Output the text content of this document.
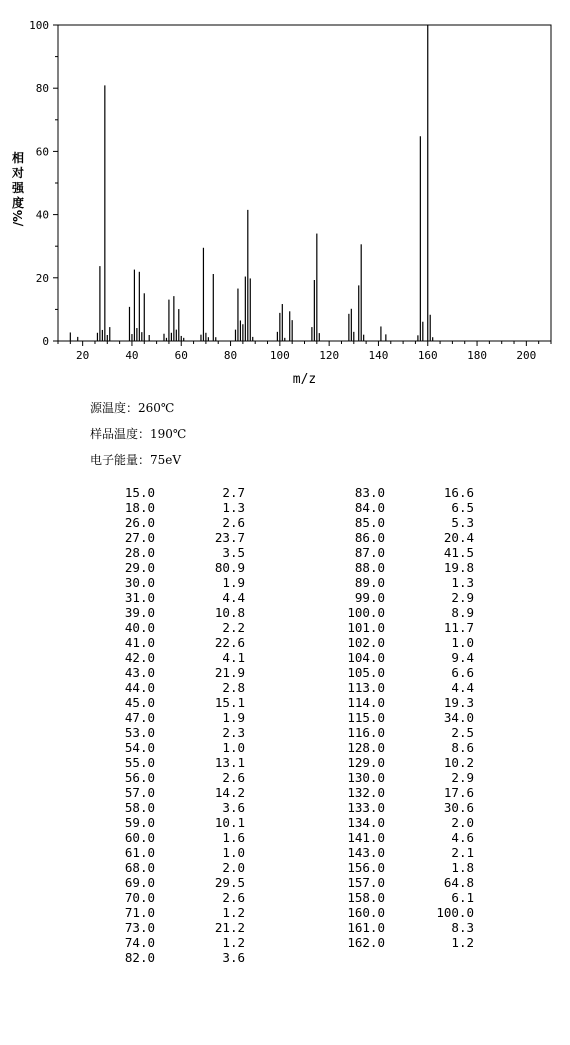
0
20
40
60
80
100
20	40	60	80	100	120	140	160	180	200
m/z
相
对
强
度
/%
源温度：260℃
样品温度：190℃
电子能量：75eV
15.0	2.7
18.0	1.3
26.0	2.6
27.0	23.7
28.0	3.5
29.0	80.9
30.0	1.9
31.0	4.4
39.0	10.8
40.0	2.2
41.0	22.6
42.0	4.1
43.0	21.9
44.0	2.8
45.0	15.1
47.0	1.9
53.0	2.3
54.0	1.0
55.0	13.1
56.0	2.6
57.0	14.2
58.0	3.6
59.0	10.1
60.0	1.6
61.0	1.0
68.0	2.0
69.0	29.5
70.0	2.6
71.0	1.2
73.0	21.2
74.0	1.2
82.0	3.6
83.0	16.6
84.0	6.5
85.0	5.3
86.0	20.4
87.0	41.5
88.0	19.8
89.0	1.3
99.0	2.9
100.0	8.9
101.0	11.7
102.0	1.0
104.0	9.4
105.0	6.6
113.0	4.4
114.0	19.3
115.0	34.0
116.0	2.5
128.0	8.6
129.0	10.2
130.0	2.9
132.0	17.6
133.0	30.6
134.0	2.0
141.0	4.6
143.0	2.1
156.0	1.8
157.0	64.8
158.0	6.1
160.0	100.0
161.0	8.3
162.0	1.2
